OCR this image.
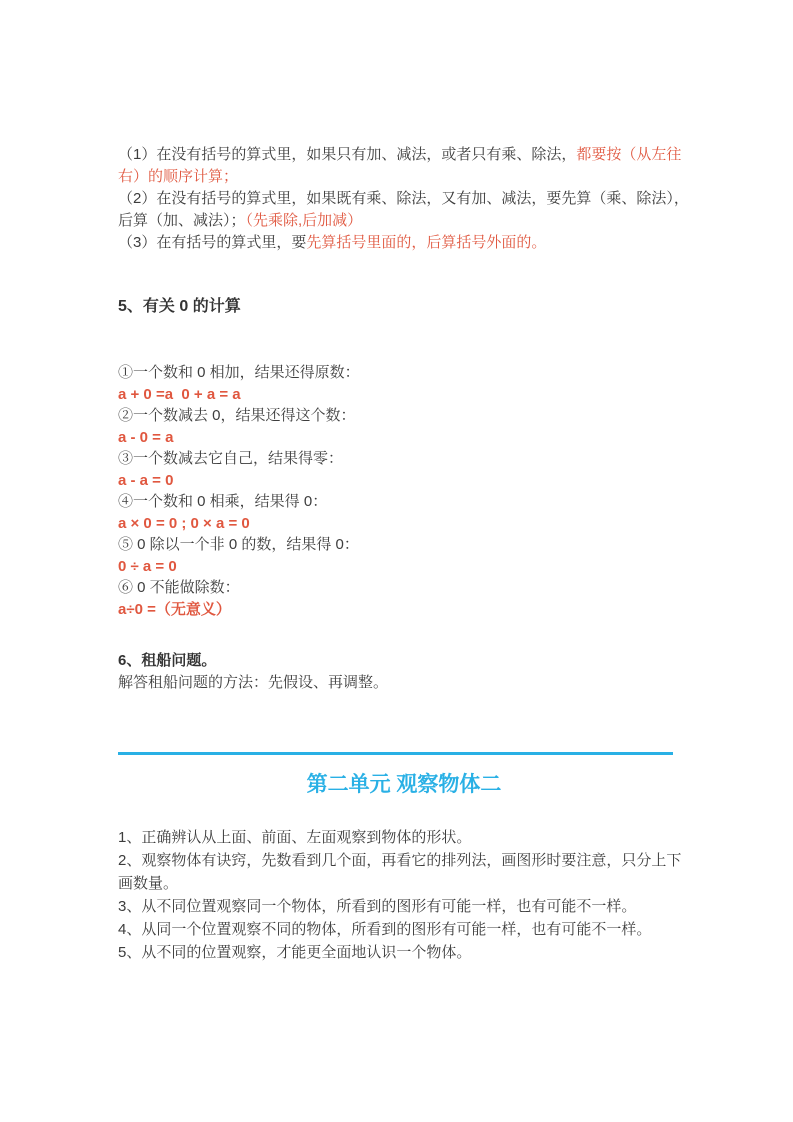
（1）在没有括号的算式里，如果只有加、减法，或者只有乘、除法，都要按（从左往右）的顺序计算；

（2）在没有括号的算式里，如果既有乘、除法，又有加、减法，要先算（乘、除法），后算（加、减法）；（先乘除,后加减）

（3）在有括号的算式里，要先算括号里面的，后算括号外面的。

5、有关 0 的计算

①一个数和 0 相加，结果还得原数：

a + 0 =a  0 + a = a

②一个数减去 0，结果还得这个数：

a - 0 = a

③一个数减去它自己，结果得零：

a - a = 0

④一个数和 0 相乘，结果得 0：

a × 0 = 0 ; 0 × a = 0

⑤ 0 除以一个非 0 的数，结果得 0：

0 ÷ a = 0

⑥ 0 不能做除数：

a÷0 =（无意义）

6、租船问题。

解答租船问题的方法：先假设、再调整。

第二单元 观察物体二

1、正确辨认从上面、前面、左面观察到物体的形状。

2、观察物体有诀窍，先数看到几个面，再看它的排列法，画图形时要注意，只分上下画数量。

3、从不同位置观察同一个物体，所看到的图形有可能一样，也有可能不一样。

4、从同一个位置观察不同的物体，所看到的图形有可能一样，也有可能不一样。

5、从不同的位置观察，才能更全面地认识一个物体。
